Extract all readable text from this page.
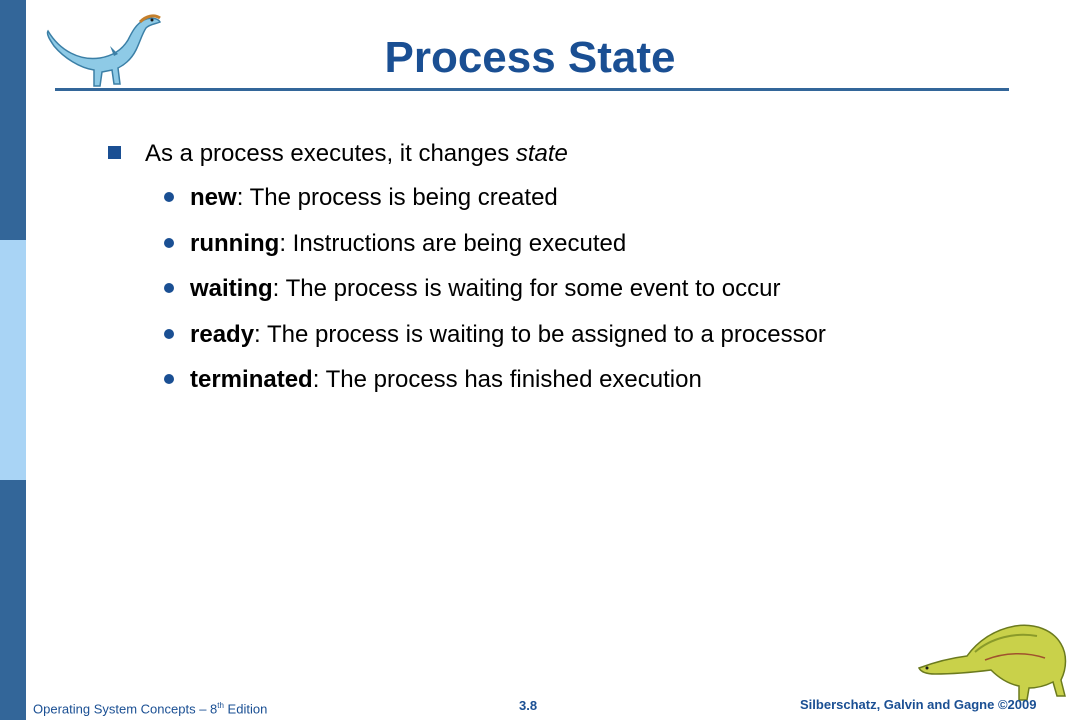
Process State
As a process executes, it changes state
new: The process is being created
running: Instructions are being executed
waiting: The process is waiting for some event to occur
ready: The process is waiting to be assigned to a processor
terminated: The process has finished execution
Operating System Concepts – 8th Edition	3.8	Silberschatz, Galvin and Gagne ©2009
